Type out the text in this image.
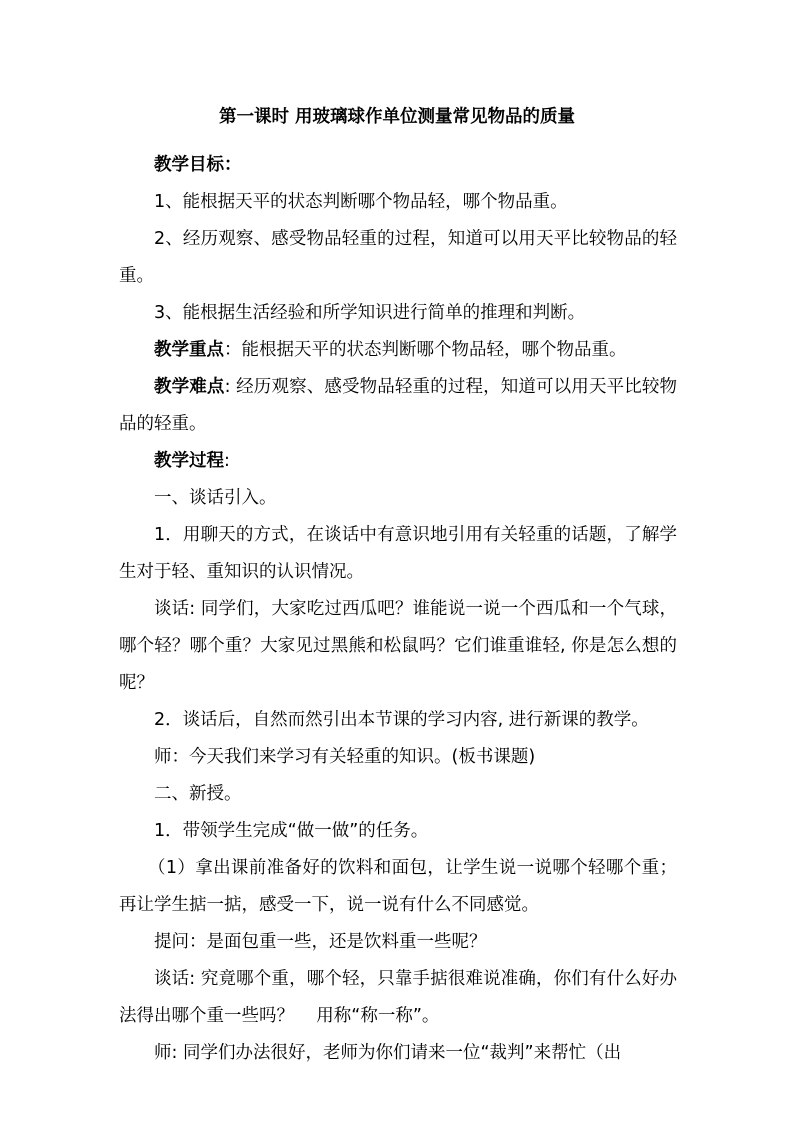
第一课时 用玻璃球作单位测量常见物品的质量

教学目标：

1、能根据天平的状态判断哪个物品轻，哪个物品重。

2、经历观察、感受物品轻重的过程，知道可以用天平比较物品的轻重。

3、能根据生活经验和所学知识进行简单的推理和判断。

教学重点：能根据天平的状态判断哪个物品轻，哪个物品重。

教学难点: 经历观察、感受物品轻重的过程，知道可以用天平比较物品的轻重。

教学过程:

一、谈话引入。

1．用聊天的方式，在谈话中有意识地引用有关轻重的话题，了解学生对于轻、重知识的认识情况。

谈话: 同学们，大家吃过西瓜吧？谁能说一说一个西瓜和一个气球，哪个轻？哪个重？大家见过黑熊和松鼠吗？它们谁重谁轻, 你是怎么想的呢？

2．谈话后，自然而然引出本节课的学习内容, 进行新课的教学。

师：今天我们来学习有关轻重的知识。(板书课题)

二、新授。

1．带领学生完成“做一做”的任务。

（1）拿出课前准备好的饮料和面包，让学生说一说哪个轻哪个重；再让学生掂一掂，感受一下，说一说有什么不同感觉。

提问：是面包重一些，还是饮料重一些呢？

谈话: 究竟哪个重，哪个轻，只靠手掂很难说准确，你们有什么好办法得出哪个重一些吗？    用称“称一称”。

师: 同学们办法很好，老师为你们请来一位“裁判”来帮忙（出
